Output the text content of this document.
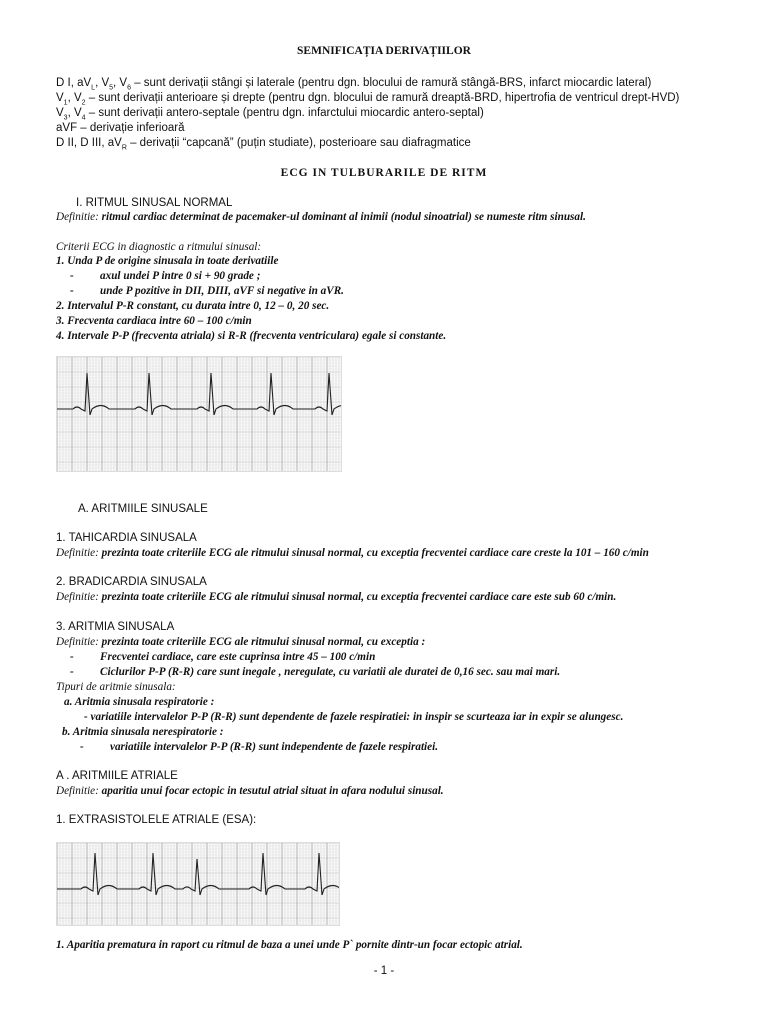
SEMNIFICAȚIA DERIVAȚIILOR
D I, $aV_L$, $V_5$, $V_6$ – sunt derivații stângi și laterale (pentru dgn. blocului de ramură stângă-BRS, infarct miocardic lateral)
$V_1$, $V_2$ – sunt derivații anterioare și drepte (pentru dgn. blocului de ramură dreaptă-BRD, hipertrofia de ventricul drept-HVD)
$V_3$, $V_4$ – sunt derivații antero-septale (pentru dgn. infarctului miocardic antero-septal)
aVF – derivație inferioară
D II, D III, $aV_R$ – derivații “capcană” (puțin studiate), posterioare sau diafragmatice
ECG IN TULBURARILE DE RITM
I. RITMUL SINUSAL NORMAL
Definitie: ritmul cardiac determinat de pacemaker-ul dominant al inimii (nodul sinoatrial) se numeste ritm sinusal.
Criterii ECG in diagnostic a ritmului sinusal:
1. Unda P de origine sinusala in toate derivatiile
- axul undei P intre 0 si + 90 grade ;
- unde P pozitive in DII, DIII, aVF si negative in aVR.
2. Intervalul P-R constant, cu durata intre 0, 12 – 0, 20 sec.
3. Frecventa cardiaca intre 60 – 100 c/min
4. Intervale P-P (frecventa atriala) si R-R (frecventa ventriculara) egale si constante.
A. ARITMIILE SINUSALE
1. TAHICARDIA SINUSALA
Definitie: prezinta toate criteriile ECG ale ritmului sinusal normal, cu exceptia frecventei cardiace care creste la 101 – 160 c/min
2. BRADICARDIA SINUSALA
Definitie: prezinta toate criteriile ECG ale ritmului sinusal normal, cu exceptia frecventei cardiace care este sub 60 c/min.
3. ARITMIA SINUSALA
Definitie: prezinta toate criteriile ECG ale ritmului sinusal normal, cu exceptia :
- Frecventei cardiace, care este cuprinsa intre 45 – 100 c/min
- Ciclurilor P-P (R-R) care sunt inegale , neregulate, cu variatii ale duratei de 0,16 sec. sau mai mari.
Tipuri de aritmie sinusala:
a. Aritmia sinusala respiratorie :
- variatiile intervalelor P-P (R-R) sunt dependente de fazele respiratiei: in inspir se scurteaza iar in expir se alungesc.
b. Aritmia sinusala nerespiratorie :
- variatiile intervalelor P-P (R-R) sunt independente de fazele respiratiei.
A . ARITMIILE ATRIALE
Definitie: aparitia unui focar ectopic in tesutul atrial situat in afara nodului sinusal.
1. EXTRASISTOLELE ATRIALE (ESA):
1. Aparitia prematura in raport cu ritmul de baza a unei unde P` pornite dintr-un focar ectopic atrial.
- 1 -
